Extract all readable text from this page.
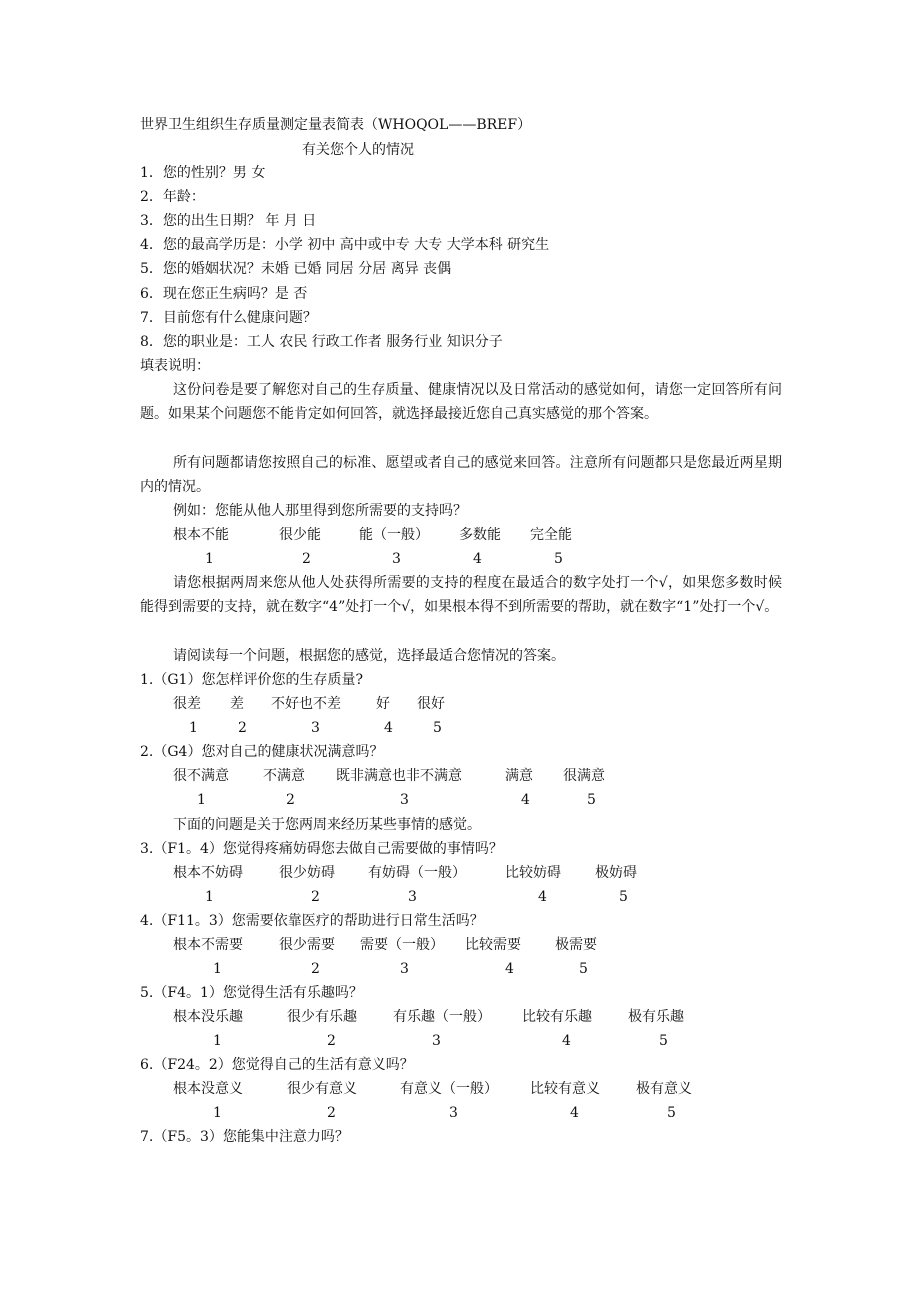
世界卫生组织生存质量测定量表简表（WHOQOL——BREF）
有关您个人的情况
1．您的性别？男 女
2．年龄：
3．您的出生日期？ 年 月 日
4．您的最高学历是：小学 初中 高中或中专 大专 大学本科 研究生
5．您的婚姻状况？未婚 已婚 同居 分居 离异 丧偶
6．现在您正生病吗？是 否
7．目前您有什么健康问题？
8．您的职业是：工人 农民 行政工作者 服务行业 知识分子
填表说明：
这份问卷是要了解您对自己的生存质量、健康情况以及日常活动的感觉如何，请您一定回答所有问题。如果某个问题您不能肯定如何回答，就选择最接近您自己真实感觉的那个答案。
所有问题都请您按照自己的标准、愿望或者自己的感觉来回答。注意所有问题都只是您最近两星期内的情况。
例如：您能从他人那里得到您所需要的支持吗？
根本不能	很少能	能（一般） 多数能 完全能
1	2	3	4	5
请您根据两周来您从他人处获得所需要的支持的程度在最适合的数字处打一个√，如果您多数时候能得到需要的支持，就在数字“4”处打一个√，如果根本得不到所需要的帮助，就在数字“1”处打一个√。
请阅读每一个问题，根据您的感觉，选择最适合您情况的答案。
1.（G1）您怎样评价您的生存质量?
很差 差 不好也不差	好 很好
1	2	3	4	5
2.（G4）您对自己的健康状况满意吗？
很不满意 不满意 既非满意也非不满意	满意 很满意
1	2	3	4	5
下面的问题是关于您两周来经历某些事情的感觉。
3.（F1。4）您觉得疼痛妨碍您去做自己需要做的事情吗？
根本不妨碍	很少妨碍 有妨碍（一般）	比较妨碍 极妨碍
1	2	3	4	5
4.（F11。3）您需要依靠医疗的帮助进行日常生活吗？
根本不需要	很少需要 需要（一般） 比较需要 极需要
1	2	3	4	5
5.（F4。1）您觉得生活有乐趣吗？
根本没乐趣	很少有乐趣	有乐趣（一般） 比较有乐趣	极有乐趣
1	2	3	4	5
6.（F24。2）您觉得自己的生活有意义吗？
根本没意义	很少有意义	有意义（一般） 比较有意义	极有意义
1	2	3	4	5
7.（F5。3）您能集中注意力吗？
